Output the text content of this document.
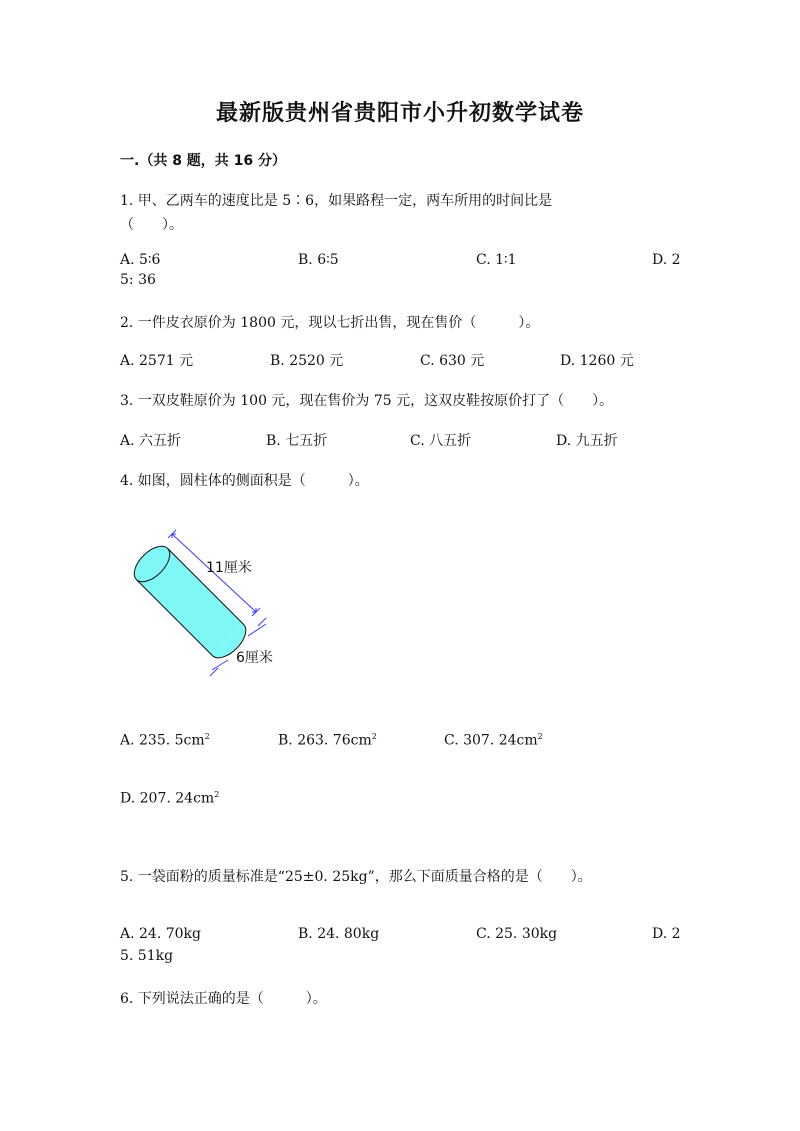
最新版贵州省贵阳市小升初数学试卷
一.（共 8 题，共 16 分）
1. 甲、乙两车的速度比是 5∶6，如果路程一定，两车所用的时间比是
（　　）。
A. 5∶6	B. 6∶5	C. 1∶1	D. 2
5: 36
2. 一件皮衣原价为 1800 元，现以七折出售，现在售价（　　　）。
A. 2571 元	B. 2520 元	C. 630 元	D. 1260 元
3. 一双皮鞋原价为 100 元，现在售价为 75 元，这双皮鞋按原价打了（　　）。
A. 六五折	B. 七五折	C. 八五折	D. 九五折
4. 如图，圆柱体的侧面积是（　　　）。
11厘米
6厘米
A. 235. $5cm^2$	B. 263. $76cm^2$	C. 307. $24cm^2$
D. 207. $24cm^2$
5. 一袋面粉的质量标准是“25±0. 25kg”，那么下面质量合格的是（　　）。
A. 24. 70kg	B. 24. 80kg	C. 25. 30kg	D. 2
5. 51kg
6. 下列说法正确的是（　　　）。
